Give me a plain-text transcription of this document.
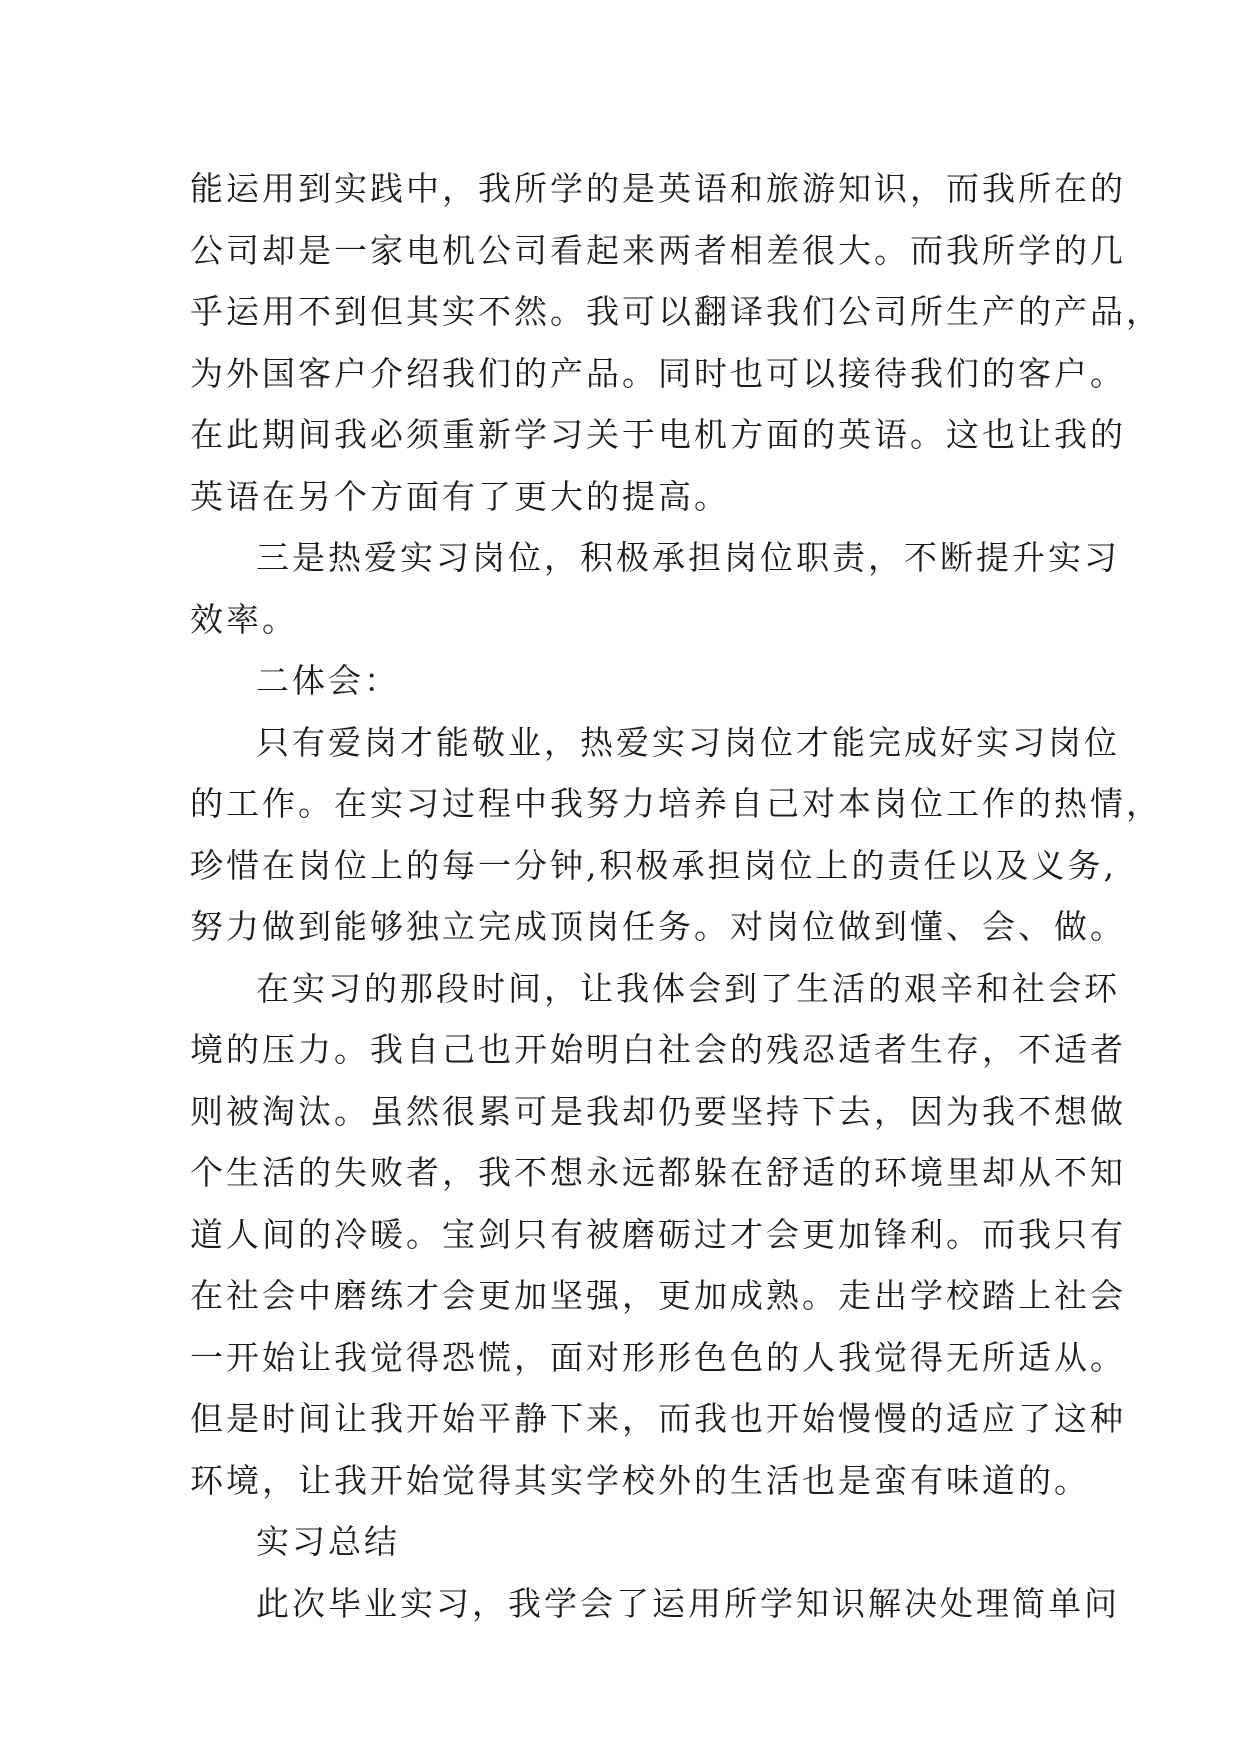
能运用到实践中，我所学的是英语和旅游知识，而我所在的
公司却是一家电机公司看起来两者相差很大。而我所学的几
乎运用不到但其实不然。我可以翻译我们公司所生产的产品，
为外国客户介绍我们的产品。同时也可以接待我们的客户。
在此期间我必须重新学习关于电机方面的英语。这也让我的
英语在另个方面有了更大的提高。
三是热爱实习岗位，积极承担岗位职责，不断提升实习
效率。
二体会：
只有爱岗才能敬业，热爱实习岗位才能完成好实习岗位
的工作。在实习过程中我努力培养自己对本岗位工作的热情，
珍惜在岗位上的每一分钟,积极承担岗位上的责任以及义务,
努力做到能够独立完成顶岗任务。对岗位做到懂、会、做。
在实习的那段时间，让我体会到了生活的艰辛和社会环
境的压力。我自己也开始明白社会的残忍适者生存，不适者
则被淘汰。虽然很累可是我却仍要坚持下去，因为我不想做
个生活的失败者，我不想永远都躲在舒适的环境里却从不知
道人间的冷暖。宝剑只有被磨砺过才会更加锋利。而我只有
在社会中磨练才会更加坚强，更加成熟。走出学校踏上社会
一开始让我觉得恐慌，面对形形色色的人我觉得无所适从。
但是时间让我开始平静下来，而我也开始慢慢的适应了这种
环境，让我开始觉得其实学校外的生活也是蛮有味道的。
实习总结
此次毕业实习，我学会了运用所学知识解决处理简单问
